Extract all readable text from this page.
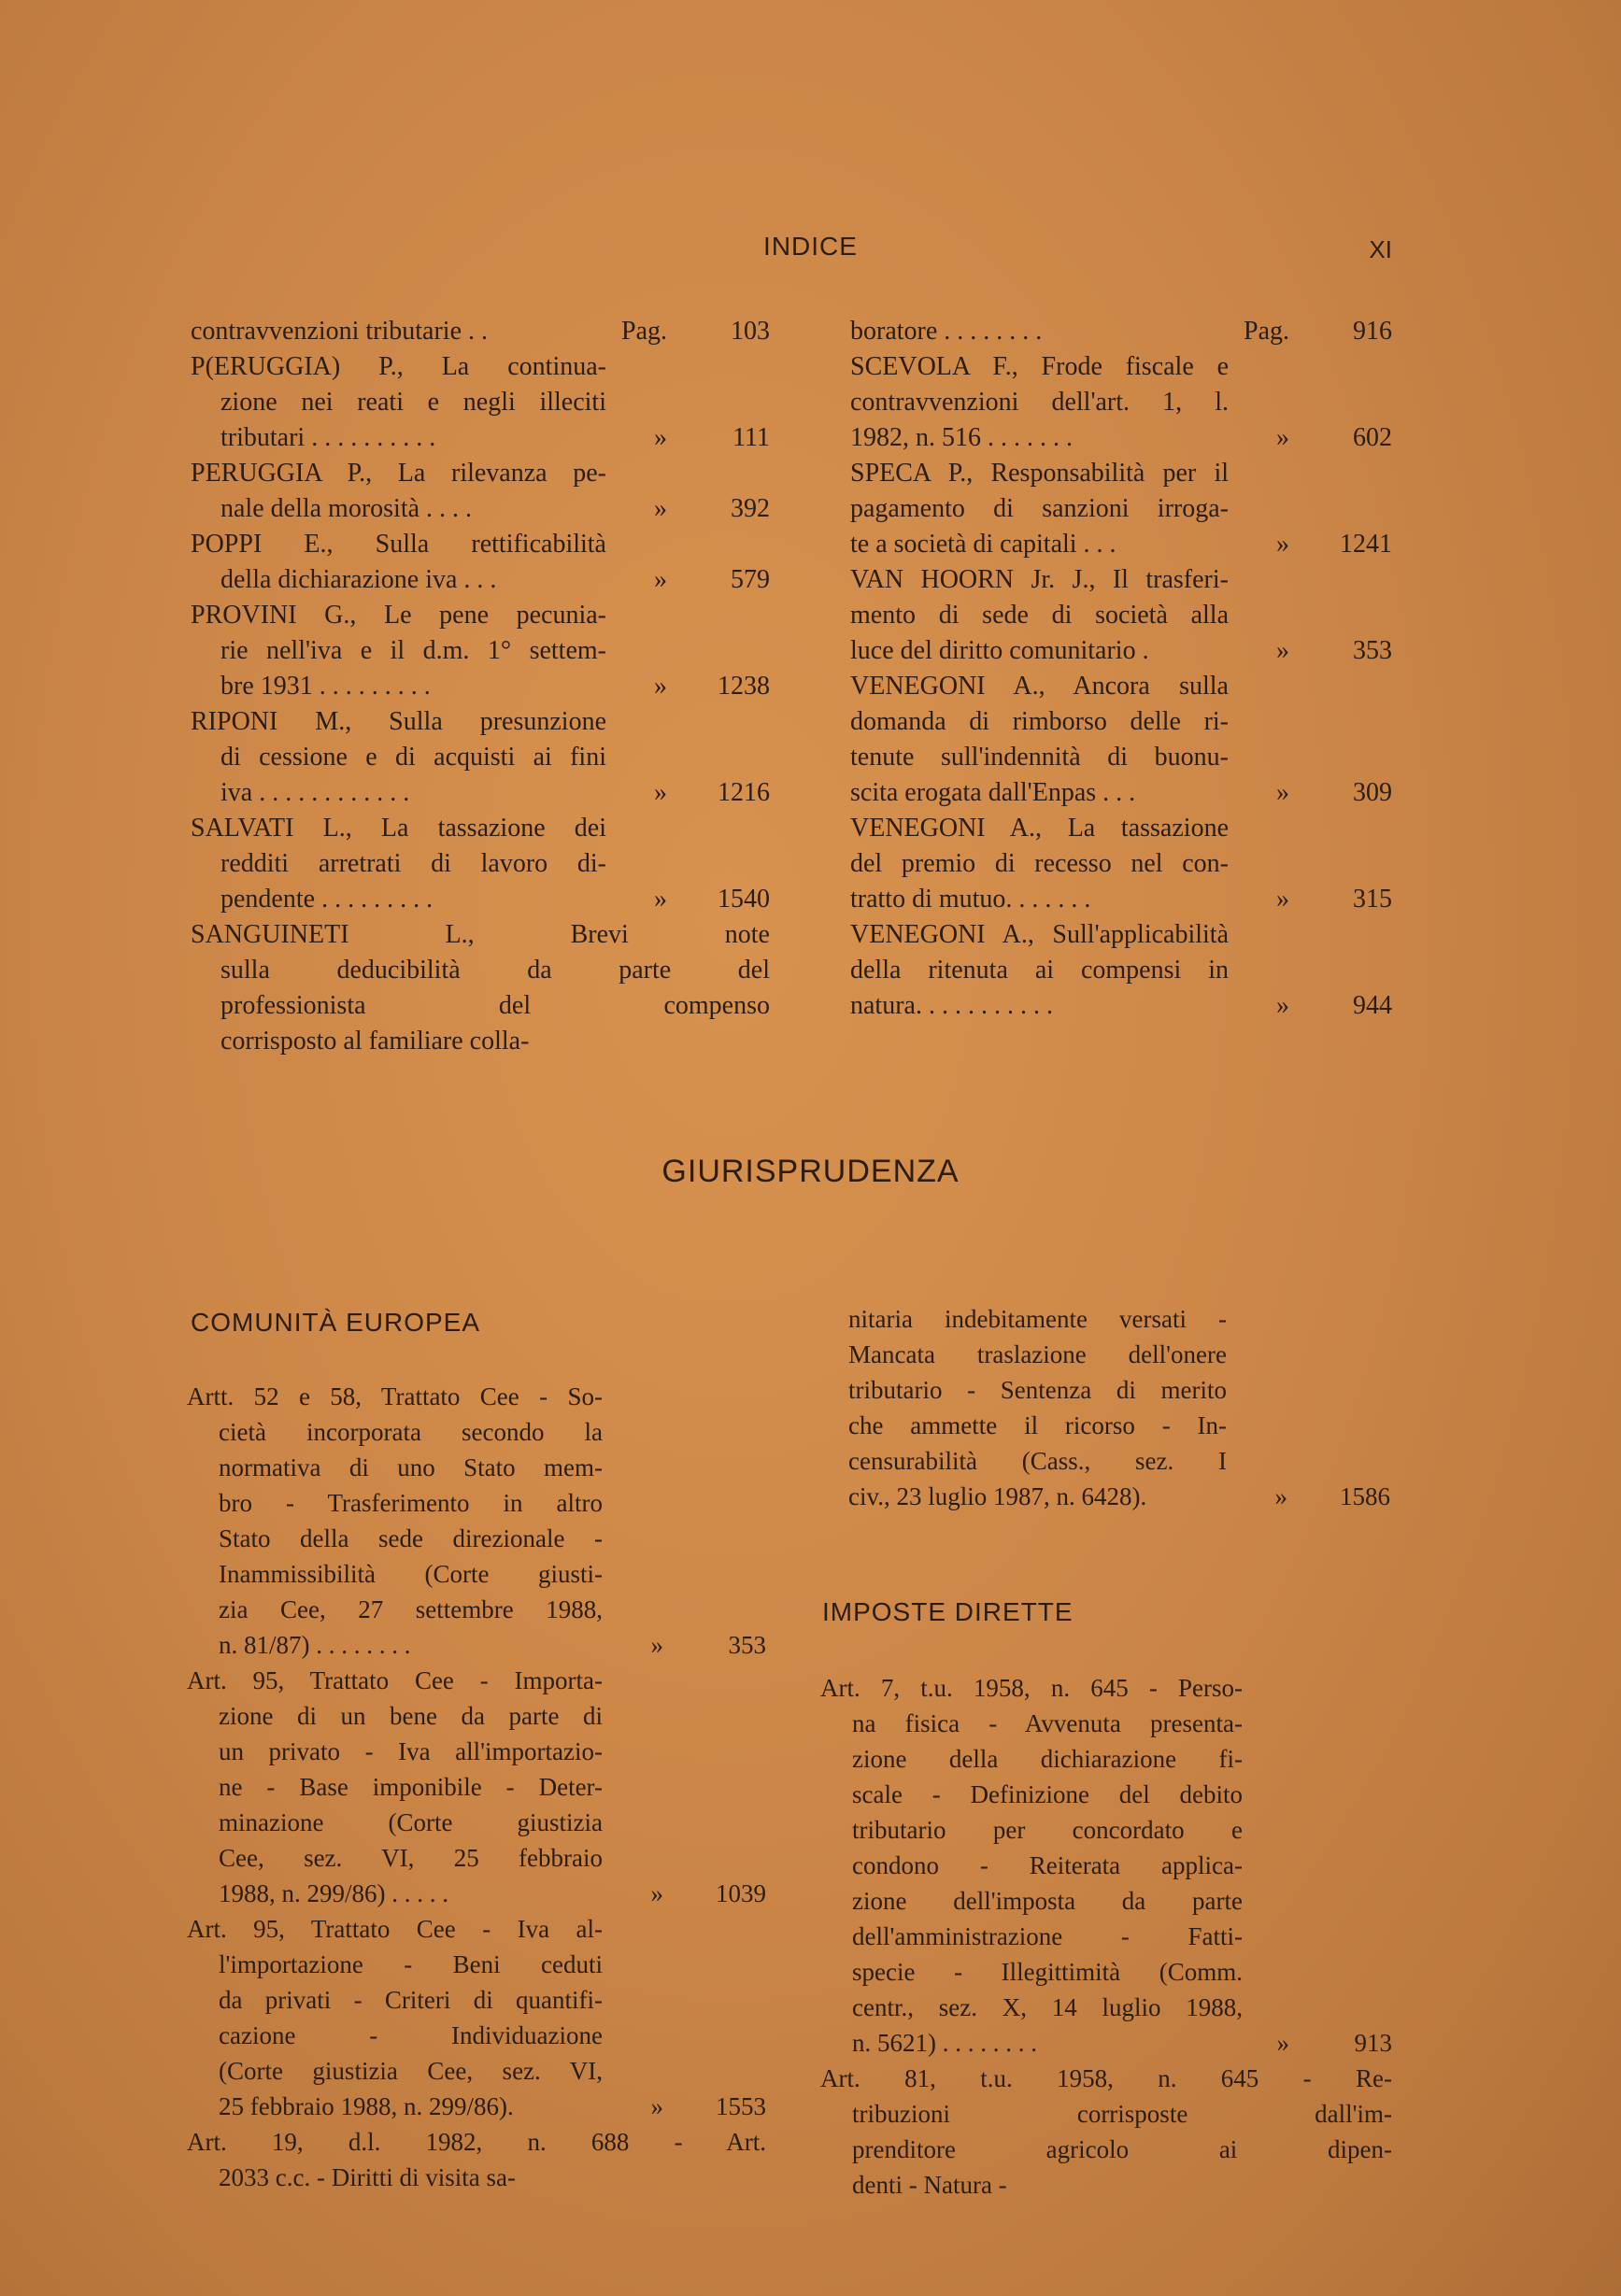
INDICE	XI
contravvenzioni tributarie . .	Pag. 103
P(ERUGGIA) P., La continua-
zione nei reati e negli illeciti
tributari . . . . . . . . . .	»	111
PERUGGIA P., La rilevanza pe-
nale della morosità . . . .	» 392
POPPI E., Sulla rettificabilità
della dichiarazione iva . . .	» 579
PROVINI G., Le pene pecunia-
rie nell'iva e il d.m. 1° settem-
bre 1931 . . . . . . . . .	» 1238
RIPONI M., Sulla presunzione
di cessione e di acquisti ai fini
iva . . . . . . . . . . . .	» 1216
SALVATI L., La tassazione dei
redditi arretrati di lavoro di-
pendente . . . . . . . . .	» 1540
SANGUINETI L., Brevi note
sulla deducibilità da parte del
professionista del compenso
corrisposto al familiare colla-
boratore . . . . . . . .	Pag. 916
SCEVOLA F., Frode fiscale e
contravvenzioni dell'art. 1, l.
1982, n. 516 . . . . . . .	» 602
SPECA P., Responsabilità per il
pagamento di sanzioni irroga-
te a società di capitali . . .	» 1241
VAN HOORN Jr. J., Il trasferi-
mento di sede di società alla
luce del diritto comunitario .	» 353
VENEGONI A., Ancora sulla
domanda di rimborso delle ri-
tenute sull'indennità di buonu-
scita erogata dall'Enpas . . .	» 309
VENEGONI A., La tassazione
del premio di recesso nel con-
tratto di mutuo. . . . . . .	» 315
VENEGONI A., Sull'applicabilità
della ritenuta ai compensi in
natura. . . . . . . . . . .	» 944
GIURISPRUDENZA
COMUNITÀ EUROPEA
Artt. 52 e 58, Trattato Cee - So-
cietà incorporata secondo la
normativa di uno Stato mem-
bro - Trasferimento in altro
Stato della sede direzionale -
Inammissibilità (Corte giusti-
zia Cee, 27 settembre 1988,
n. 81/87) . . . . . . . .	»	353
Art. 95, Trattato Cee - Importa-
zione di un bene da parte di
un privato - Iva all'importazio-
ne - Base imponibile - Deter-
minazione (Corte giustizia
Cee, sez. VI, 25 febbraio
1988, n. 299/86) . . . . .	» 1039
Art. 95, Trattato Cee - Iva al-
l'importazione - Beni ceduti
da privati - Criteri di quantifi-
cazione - Individuazione
(Corte giustizia Cee, sez. VI,
25 febbraio 1988, n. 299/86).	» 1553
Art. 19, d.l. 1982, n. 688 - Art.
2033 c.c. - Diritti di visita sa-
nitaria indebitamente versati -
Mancata traslazione dell'onere
tributario - Sentenza di merito
che ammette il ricorso - In-
censurabilità (Cass., sez. I
civ., 23 luglio 1987, n. 6428).	» 1586
IMPOSTE DIRETTE
Art. 7, t.u. 1958, n. 645 - Perso-
na fisica - Avvenuta presenta-
zione della dichiarazione fi-
scale - Definizione del debito
tributario per concordato e
condono - Reiterata applica-
zione dell'imposta da parte
dell'amministrazione - Fatti-
specie - Illegittimità (Comm.
centr., sez. X, 14 luglio 1988,
n. 5621) . . . . . . . .	»	913
Art. 81, t.u. 1958, n. 645 - Re-
tribuzioni corrisposte dall'im-
prenditore agricolo ai dipen-
denti - Natura -
